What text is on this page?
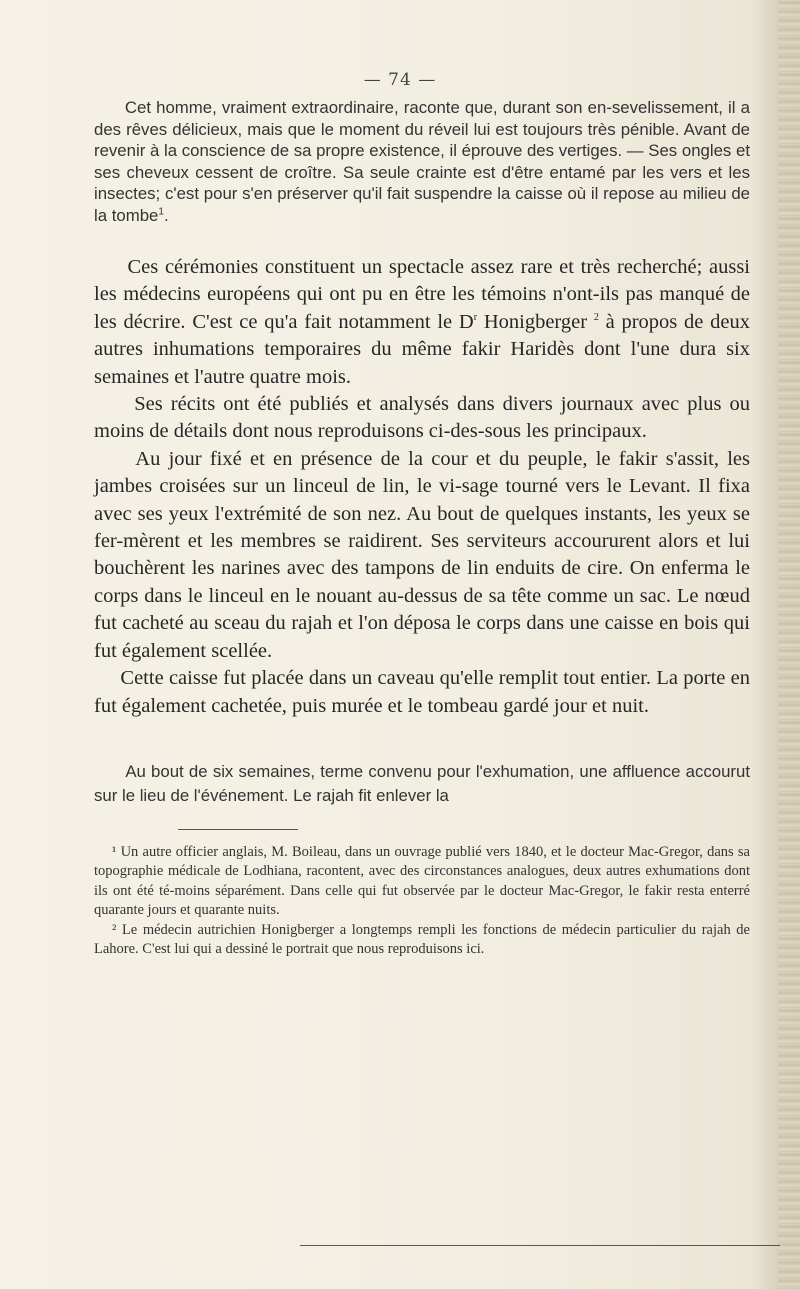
— 74 —
Cet homme, vraiment extraordinaire, raconte que, durant son en-sevelissement, il a des rêves délicieux, mais que le moment du réveil lui est toujours très pénible. Avant de revenir à la conscience de sa propre existence, il éprouve des vertiges. — Ses ongles et ses cheveux cessent de croître. Sa seule crainte est d'être entamé par les vers et les insectes; c'est pour s'en préserver qu'il fait suspendre la caisse où il repose au milieu de la tombe$^1$.

Ces cérémonies constituent un spectacle assez rare et très recherché; aussi les médecins européens qui ont pu en être les témoins n'ont-ils pas manqué de les décrire. C'est ce qu'a fait notamment le $D^r$ Honigberger $^2$ à propos de deux autres inhumations temporaires du même fakir Haridès dont l'une dura six semaines et l'autre quatre mois.

Ses récits ont été publiés et analysés dans divers journaux avec plus ou moins de détails dont nous reproduisons ci-des-sous les principaux.

Au jour fixé et en présence de la cour et du peuple, le fakir s'assit, les jambes croisées sur un linceul de lin, le vi-sage tourné vers le Levant. Il fixa avec ses yeux l'extrémité de son nez. Au bout de quelques instants, les yeux se fer-mèrent et les membres se raidirent. Ses serviteurs accoururent alors et lui bouchèrent les narines avec des tampons de lin enduits de cire. On enferma le corps dans le linceul en le nouant au-dessus de sa tête comme un sac. Le nœud fut cacheté au sceau du rajah et l'on déposa le corps dans une caisse en bois qui fut également scellée.

Cette caisse fut placée dans un caveau qu'elle remplit tout entier. La porte en fut également cachetée, puis murée et le tombeau gardé jour et nuit.

Au bout de six semaines, terme convenu pour l'exhumation, une affluence accourut sur le lieu de l'événement. Le rajah fit enlever la

¹ Un autre officier anglais, M. Boileau, dans un ouvrage publié vers 1840, et le docteur Mac-Gregor, dans sa topographie médicale de Lodhiana, racontent, avec des circonstances analogues, deux autres exhumations dont ils ont été té-moins séparément. Dans celle qui fut observée par le docteur Mac-Gregor, le fakir resta enterré quarante jours et quarante nuits.

² Le médecin autrichien Honigberger a longtemps rempli les fonctions de médecin particulier du rajah de Lahore. C'est lui qui a dessiné le portrait que nous reproduisons ici.
